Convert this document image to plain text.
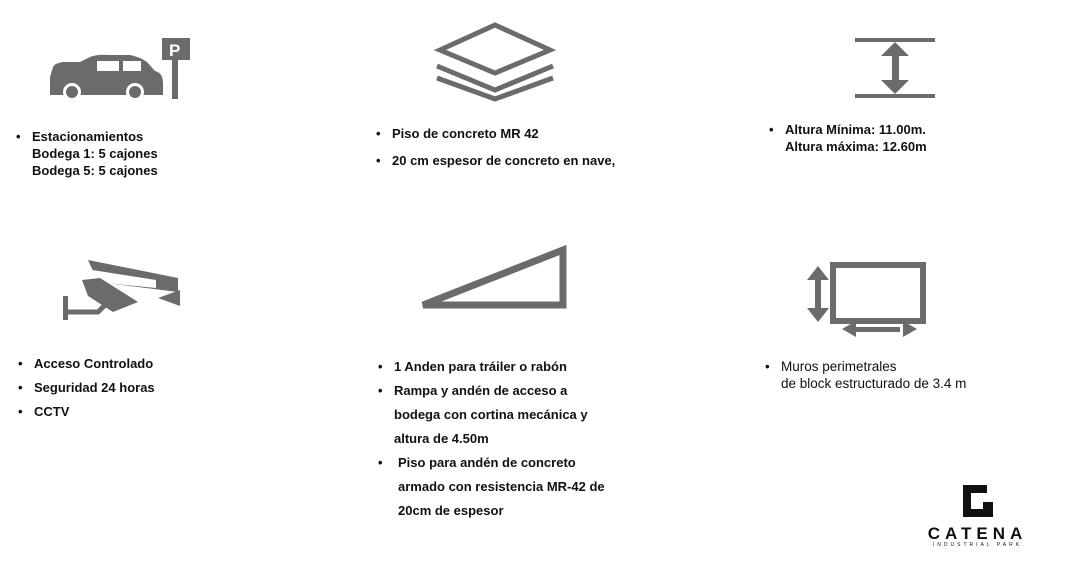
P
• Estacionamientos
Bodega 1: 5 cajones
Bodega 5: 5 cajones
• Piso de concreto MR 42
• 20 cm espesor de concreto en nave,
• Altura Mínima: 11.00m.
Altura máxima: 12.60m
• Acceso Controlado
• Seguridad 24 horas
• CCTV
• 1 Anden para tráiler o rabón
• Rampa y andén de acceso a
bodega con cortina mecánica y
altura de 4.50m
• Piso para andén de concreto
armado con resistencia MR-42 de
20cm de espesor
• Muros perimetrales
de block estructurado de 3.4 m
CATENA
INDUSTRIAL PARK
